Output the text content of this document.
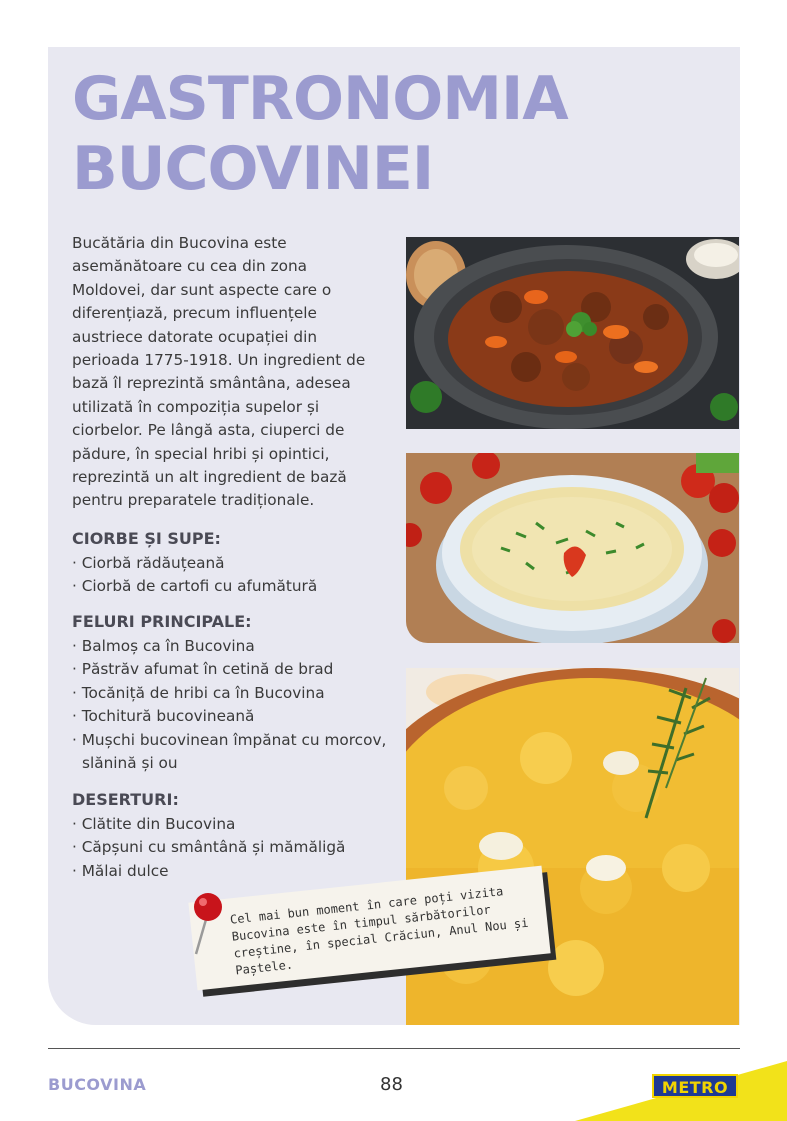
GASTRONOMIA
BUCOVINEI

Bucătăria din Bucovina este asemănătoare cu cea din zona Moldovei, dar sunt aspecte care o diferențiază, precum influențele austriece datorate ocupației din perioada 1775-1918. Un ingredient de bază îl reprezintă smântâna, adesea utilizată în compoziția supelor și ciorbelor. Pe lângă asta, ciuperci de pădure, în special hribi și opintici, reprezintă un alt ingredient de bază pentru preparatele tradiționale.

CIORBE ȘI SUPE:
· Ciorbă rădăuțeană
· Ciorbă de cartofi cu afumătură
FELURI PRINCIPALE:
· Balmoș ca în Bucovina
· Păstrăv afumat în cetină de brad
· Tocăniță de hribi ca în Bucovina
· Tochitură bucovineană
· Mușchi bucovinean împănat cu morcov, slănină și ou
DESERTURI:
· Clătite din Bucovina
· Căpșuni cu smântână și mămăligă
· Mălai dulce
Cel mai bun moment în care poți vizita Bucovina este în timpul sărbătorilor creștine, în special Crăciun, Anul Nou și Paștele.
BUCOVINA	88	METRO
